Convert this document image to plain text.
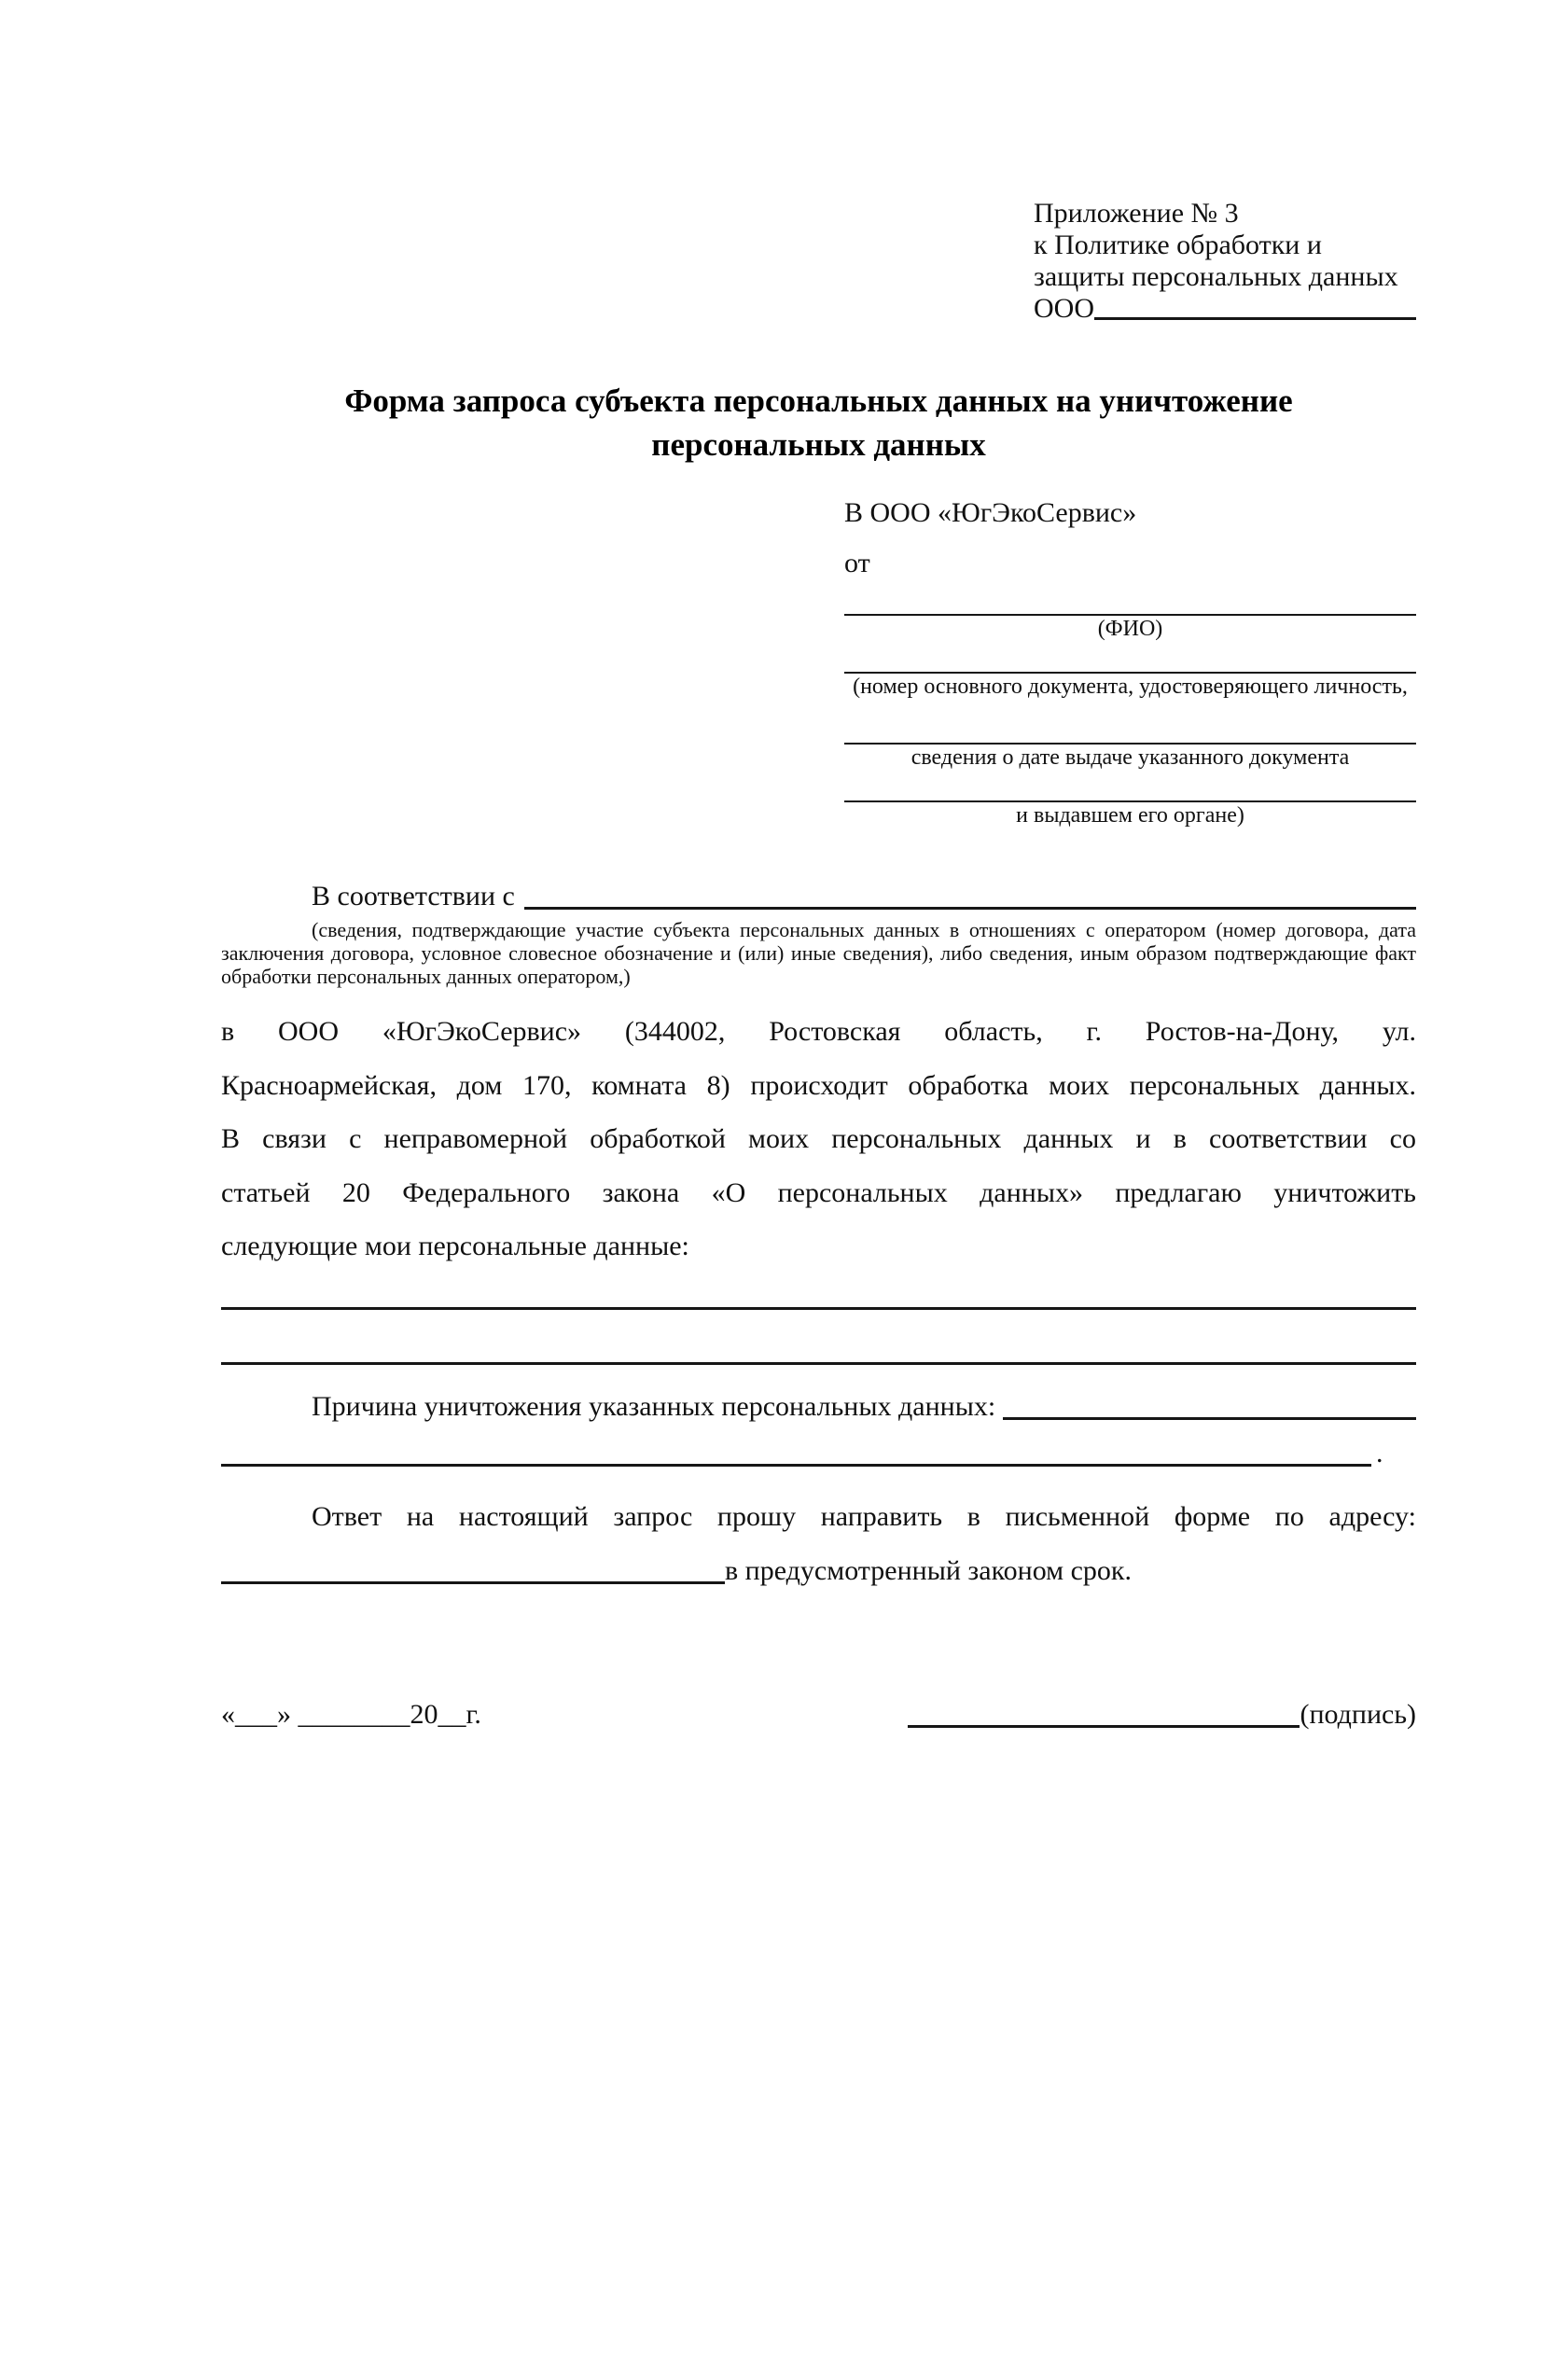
Приложение № 3
к Политике обработки и
защиты персональных данных
ООО
Форма запроса субъекта персональных данных на уничтожение
персональных данных
В ООО «ЮгЭкоСервис»
от
(ФИО)
(номер основного документа, удостоверяющего личность,
сведения о дате выдаче указанного документа
и выдавшем его органе)
В соответствии с
(сведения, подтверждающие участие субъекта персональных данных в отношениях с оператором (номер договора, дата
заключения договора, условное словесное обозначение и (или) иные сведения), либо сведения, иным образом подтверждающие факт
обработки персональных данных оператором,)
в ООО «ЮгЭкоСервис» (344002, Ростовская область, г. Ростов-на-Дону, ул.
Красноармейская, дом 170, комната 8) происходит обработка моих персональных данных.
В связи с неправомерной обработкой моих персональных данных и в соответствии со
статьей 20 Федерального закона «О персональных данных» предлагаю уничтожить
следующие мои персональные данные:
Причина уничтожения указанных персональных данных:
.
Ответ на настоящий запрос прошу направить в письменной форме по адресу:
в предусмотренный законом срок.
«___» ________20__г.	(подпись)
